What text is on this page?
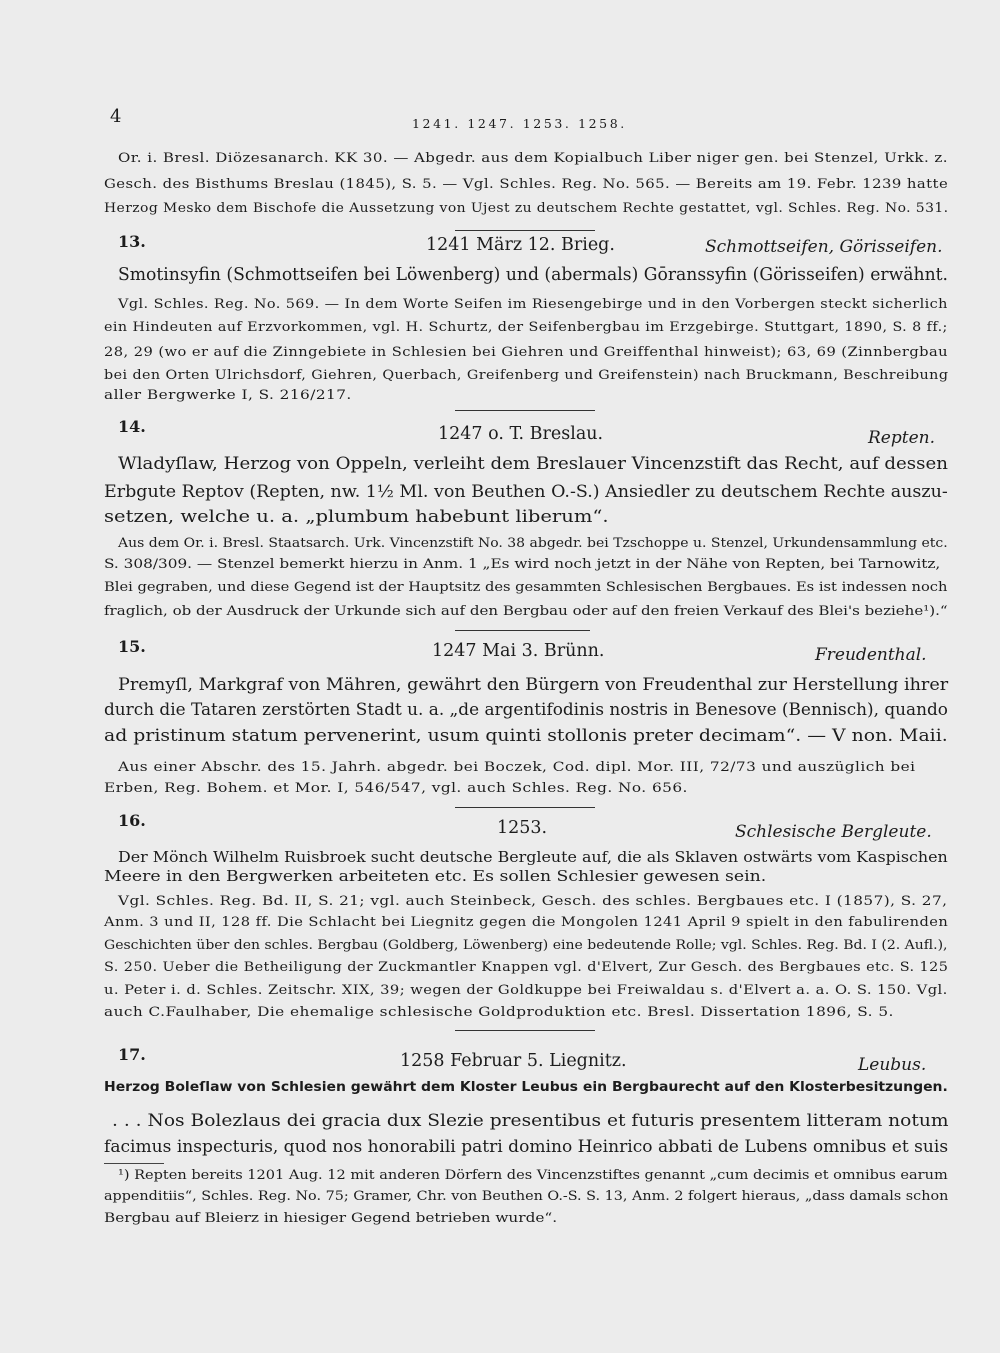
4	1241. 1247. 1253. 1258.
Or. i. Bresl. Diözesanarch. KK 30. — Abgedr. aus dem Kopialbuch Liber niger gen. bei Stenzel, Urkk. z.
Gesch. des Bisthums Breslau (1845), S. 5. — Vgl. Schles. Reg. No. 565. — Bereits am 19. Febr. 1239 hatte
Herzog Mesko dem Bischofe die Aussetzung von Ujest zu deutschem Rechte gestattet, vgl. Schles. Reg. No. 531.
13.	1241 März 12. Brieg.	Schmottseifen, Görisseifen.
Smotinsyfin (Schmottseifen bei Löwenberg) und (abermals) Gōranssyfin (Görisseifen) erwähnt.
Vgl. Schles. Reg. No. 569. — In dem Worte Seifen im Riesengebirge und in den Vorbergen steckt sicherlich
ein Hindeuten auf Erzvorkommen, vgl. H. Schurtz, der Seifenbergbau im Erzgebirge. Stuttgart, 1890, S. 8 ff.;
28, 29 (wo er auf die Zinngebiete in Schlesien bei Giehren und Greiffenthal hinweist); 63, 69 (Zinnbergbau
bei den Orten Ulrichsdorf, Giehren, Querbach, Greifenberg und Greifenstein) nach Bruckmann, Beschreibung
aller Bergwerke I, S. 216/217.
14.	1247 o. T. Breslau.	Repten.
Wladyſlaw, Herzog von Oppeln, verleiht dem Breslauer Vincenzstift das Recht, auf dessen
Erbgute Reptov (Repten, nw. 1½ Ml. von Beuthen O.-S.) Ansiedler zu deutschem Rechte auszu-
setzen, welche u. a. „plumbum habebunt liberum“.
Aus dem Or. i. Bresl. Staatsarch. Urk. Vincenzstift No. 38 abgedr. bei Tzschoppe u. Stenzel, Urkundensammlung etc.
S. 308/309. — Stenzel bemerkt hierzu in Anm. 1 „Es wird noch jetzt in der Nähe von Repten, bei Tarnowitz,
Blei gegraben, und diese Gegend ist der Hauptsitz des gesammten Schlesischen Bergbaues. Es ist indessen noch
fraglich, ob der Ausdruck der Urkunde sich auf den Bergbau oder auf den freien Verkauf des Blei's beziehe¹).“
15.	1247 Mai 3. Brünn.	Freudenthal.
Premyſl, Markgraf von Mähren, gewährt den Bürgern von Freudenthal zur Herstellung ihrer
durch die Tataren zerstörten Stadt u. a. „de argentifodinis nostris in Benesove (Bennisch), quando
ad pristinum statum pervenerint, usum quinti stollonis preter decimam“. — V non. Maii.
Aus einer Abschr. des 15. Jahrh. abgedr. bei Boczek, Cod. dipl. Mor. III, 72/73 und auszüglich bei
Erben, Reg. Bohem. et Mor. I, 546/547, vgl. auch Schles. Reg. No. 656.
16.	1253.	Schlesische Bergleute.
Der Mönch Wilhelm Ruisbroek sucht deutsche Bergleute auf, die als Sklaven ostwärts vom Kaspischen
Meere in den Bergwerken arbeiteten etc. Es sollen Schlesier gewesen sein.
Vgl. Schles. Reg. Bd. II, S. 21; vgl. auch Steinbeck, Gesch. des schles. Bergbaues etc. I (1857), S. 27,
Anm. 3 und II, 128 ff. Die Schlacht bei Liegnitz gegen die Mongolen 1241 April 9 spielt in den fabulirenden
Geschichten über den schles. Bergbau (Goldberg, Löwenberg) eine bedeutende Rolle; vgl. Schles. Reg. Bd. I (2. Aufl.),
S. 250. Ueber die Betheiligung der Zuckmantler Knappen vgl. d'Elvert, Zur Gesch. des Bergbaues etc. S. 125
u. Peter i. d. Schles. Zeitschr. XIX, 39; wegen der Goldkuppe bei Freiwaldau s. d'Elvert a. a. O. S. 150. Vgl.
auch C.Faulhaber, Die ehemalige schlesische Goldproduktion etc. Bresl. Dissertation 1896, S. 5.
17.	1258 Februar 5. Liegnitz.	Leubus.
Herzog Boleſlaw von Schlesien gewährt dem Kloster Leubus ein Bergbaurecht auf den Klosterbesitzungen.
. . . Nos Bolezlaus dei gracia dux Slezie presentibus et futuris presentem litteram notum
facimus inspecturis, quod nos honorabili patri domino Heinrico abbati de Lubens omnibus et suis
¹) Repten bereits 1201 Aug. 12 mit anderen Dörfern des Vincenzstiftes genannt „cum decimis et omnibus earum
appenditiis“, Schles. Reg. No. 75; Gramer, Chr. von Beuthen O.-S. S. 13, Anm. 2 folgert hieraus, „dass damals schon
Bergbau auf Bleierz in hiesiger Gegend betrieben wurde“.
